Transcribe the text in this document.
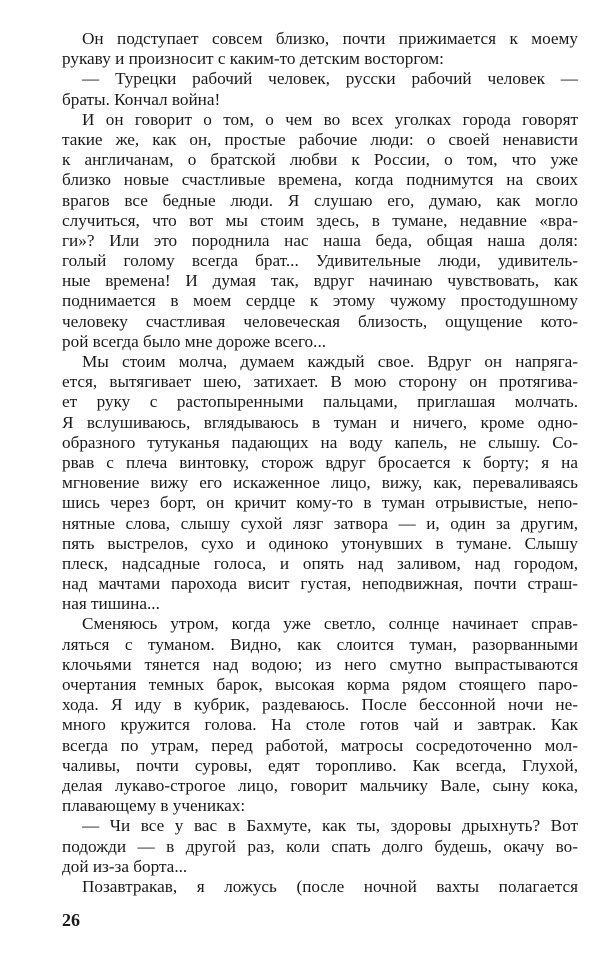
Он подступает совсем близко, почти прижимается к моему
рукаву и произносит с каким-то детским восторгом:
— Турецки рабочий человек, русски рабочий человек —
браты. Кончал война!
И он говорит о том, о чем во всех уголках города говорят
такие же, как он, простые рабочие люди: о своей ненависти
к англичанам, о братской любви к России, о том, что уже
близко новые счастливые времена, когда поднимутся на своих
врагов все бедные люди. Я слушаю его, думаю, как могло
случиться, что вот мы стоим здесь, в тумане, недавние «вра-
ги»? Или это породнила нас наша беда, общая наша доля:
голый голому всегда брат... Удивительные люди, удивитель-
ные времена! И думая так, вдруг начинаю чувствовать, как
поднимается в моем сердце к этому чужому простодушному
человеку счастливая человеческая близость, ощущение кото-
рой всегда было мне дороже всего...
Мы стоим молча, думаем каждый свое. Вдруг он напряга-
ется, вытягивает шею, затихает. В мою сторону он протягива-
ет руку с растопыренными пальцами, приглашая молчать.
Я вслушиваюсь, вглядываюсь в туман и ничего, кроме одно-
образного тутуканья падающих на воду капель, не слышу. Со-
рвав с плеча винтовку, сторож вдруг бросается к борту; я на
мгновение вижу его искаженное лицо, вижу, как, переваливаясь
шись через борт, он кричит кому-то в туман отрывистые, непо-
нятные слова, слышу сухой лязг затвора — и, один за другим,
пять выстрелов, сухо и одиноко утонувших в тумане. Слышу
плеск, надсадные голоса, и опять над заливом, над городом,
над мачтами парохода висит густая, неподвижная, почти страш-
ная тишина...
Сменяюсь утром, когда уже светло, солнце начинает справ-
ляться с туманом. Видно, как слоится туман, разорванными
клочьями тянется над водою; из него смутно выпрастываются
очертания темных барок, высокая корма рядом стоящего паро-
хода. Я иду в кубрик, раздеваюсь. После бессонной ночи не-
много кружится голова. На столе готов чай и завтрак. Как
всегда по утрам, перед работой, матросы сосредоточенно мол-
чаливы, почти суровы, едят торопливо. Как всегда, Глухой,
делая лукаво-строгое лицо, говорит мальчику Вале, сыну кока,
плавающему в учениках:
— Чи все у вас в Бахмуте, как ты, здоровы дрыхнуть? Вот
подожди — в другой раз, коли спать долго будешь, окачу во-
дой из-за борта...
Позавтракав, я ложусь (после ночной вахты полагается
26
